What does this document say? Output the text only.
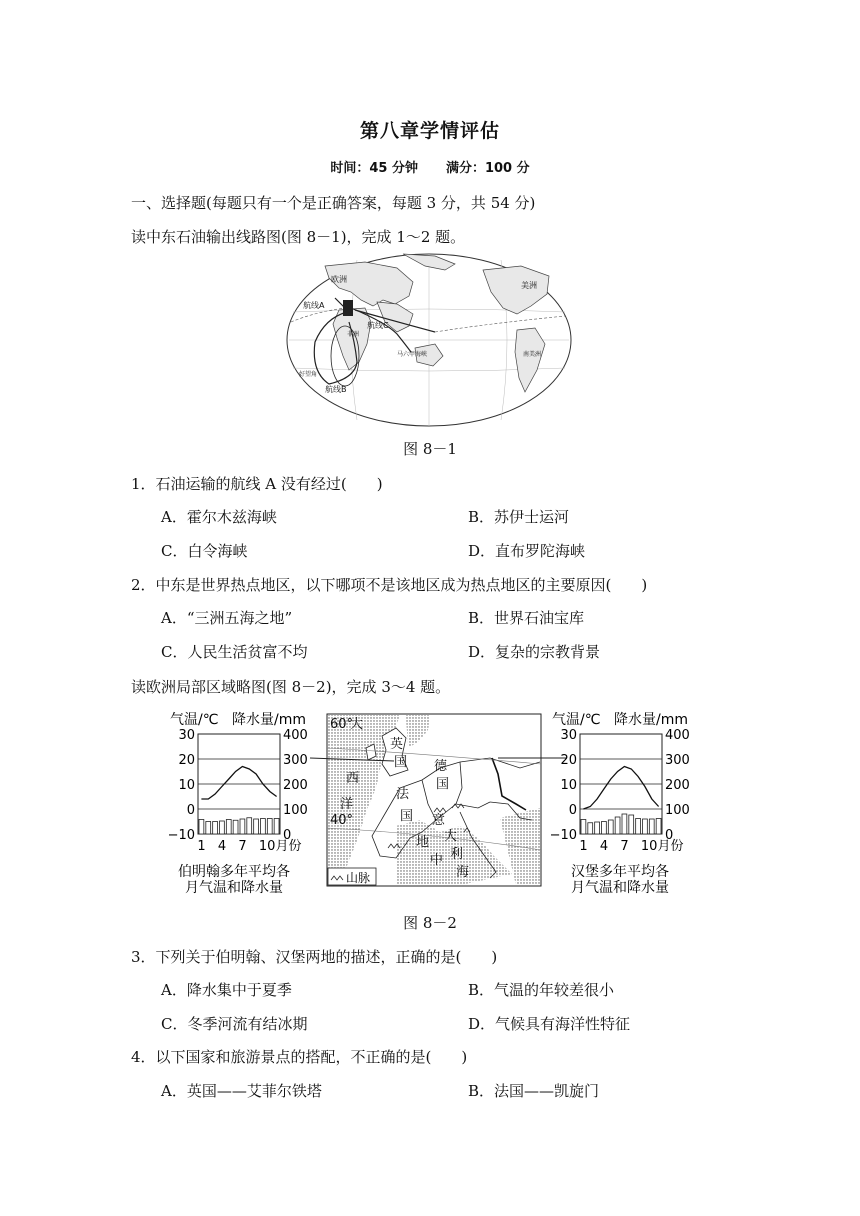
第八章学情评估
时间：45 分钟 满分：100 分
一、选择题(每题只有一个是正确答案，每题 3 分，共 54 分)
读中东石油输出线路图(图 8－1)，完成 1～2 题。
航线A
航线B
航线C
欧洲
美洲
马六甲海峡
好望角
南美洲
非洲
图 8－1
1．石油运输的航线 A 没有经过(　　)
A．霍尔木兹海峡	B．苏伊士运河
C．白令海峡	D．直布罗陀海峡
2．中东是世界热点地区，以下哪项不是该地区成为热点地区的主要原因(　　)
A．“三洲五海之地”	B．世界石油宝库
C．人民生活贫富不均	D．复杂的宗教背景
读欧洲局部区域略图(图 8－2)，完成 3～4 题。
气温/℃ 降水量/mm
伯明翰多年平均各
月气温和降水量
30	400
20	300
10	200
0	100
−10	0
1 4 7 10月份
气温/℃ 降水量/mm
汉堡多年平均各
月气温和降水量
30	400
20	300
10	200
0	100
−10	0
1 4 7 10月份
60°
大
西
洋
40°
英
国
法
国
德
国
意
大
利
地
中
海
山脉
图 8－2
3．下列关于伯明翰、汉堡两地的描述，正确的是(　　)
A．降水集中于夏季	B．气温的年较差很小
C．冬季河流有结冰期	D．气候具有海洋性特征
4．以下国家和旅游景点的搭配，不正确的是(　　)
A．英国——艾菲尔铁塔	B．法国——凯旋门
